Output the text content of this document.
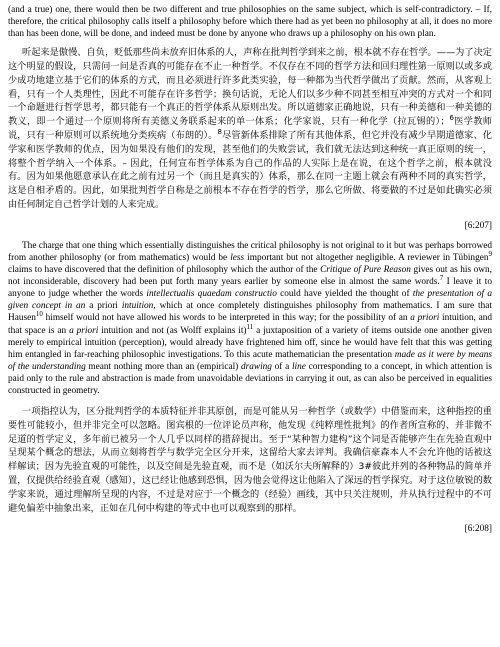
(and a true) one, there would then be two different and true philosophies on the same subject, which is self-contradictory. – If, therefore, the critical philosophy calls itself a philosophy before which there had as yet been no philosophy at all, it does no more than has been done, will be done, and indeed must be done by anyone who draws up a philosophy on his own plan.

听起来是傲慢、自负，贬低那些尚未放弃旧体系的人，声称在批判哲学到来之前，根本就不存在哲学。——为了决定这个明显的假设，只需问一问是否真的可能存在不止一种哲学。不仅存在不同的哲学方法和回归理性第一原则以或多或少成功地建立基于它们的体系的方式，而且必须进行许多此类实验，每一种都为当代哲学做出了贡献。然而，从客观上看，只有一个人类理性，因此不可能存在许多哲学；换句话说，无论人们以多少种不同甚至相互冲突的方式对一个和同一个命题进行哲学思考，都只能有一个真正的哲学体系从原则出发。所以道德家正确地说，只有一种美德和一种美德的教义，即一个通过一个原则将所有美德义务联系起来的单一体系；化学家说，只有一种化学（拉瓦锡的）；$^6$医学教师说，只有一种原则可以系统地分类疾病（布朗的）。$^8$尽管新体系排除了所有其他体系，但它并没有减少早期道德家、化学家和医学教师的优点，因为如果没有他们的发现，甚至他们的失败尝试，我们就无法达到这种统一真正原则的统一，将整个哲学纳入一个体系。– 因此，任何宣布哲学体系为自己的作品的人实际上是在说，在这个哲学之前，根本就没有。因为如果他愿意承认在此之前有过另一个（而且是真实的）体系，那么在同一主题上就会有两种不同的真实哲学，这是自相矛盾的。因此，如果批判哲学自称是之前根本不存在哲学的哲学，那么它所做、将要做的不过是如此确实必须由任何制定自己哲学计划的人来完成。

[6:207]

The charge that one thing which essentially distinguishes the critical philosophy is not original to it but was perhaps borrowed from another philosophy (or from mathematics) would be less important but not altogether negligible. A reviewer in Tübingen$^9$ claims to have discovered that the definition of philosophy which the author of the Critique of Pure Reason gives out as his own, not inconsiderable, discovery had been put forth many years earlier by someone else in almost the same words.$^7$ I leave it to anyone to judge whether the words intellectualis quaedam constructio could have yielded the thought of the presentation of a given concept in an a priori intuition, which at once completely distinguishes philosophy from mathematics. I am sure that Hausen$^{10}$ himself would not have allowed his words to be interpreted in this way; for the possibility of an a priori intuition, and that space is an a priori intuition and not (as Wolff explains it)$^{11}$ a juxtaposition of a variety of items outside one another given merely to empirical intuition (perception), would already have frightened him off, since he would have felt that this was getting him entangled in far-reaching philosophic investigations. To this acute mathematician the presentation made as it were by means of the understanding meant nothing more than an (empirical) drawing of a line corresponding to a concept, in which attention is paid only to the rule and abstraction is made from unavoidable deviations in carrying it out, as can also be perceived in equalities constructed in geometry.

一项指控认为，区分批判哲学的本质特征并非其原创，而是可能从另一种哲学（或数学）中借鉴而来，这种指控的重要性可能较小，但并非完全可以忽略。图宾根的一位评论员声称，他发现《纯粹理性批判》的作者所宣称的、并非微不足道的哲学定义，多年前已被另一个人几乎以同样的措辞提出。至于“某种智力建构”这个词是否能够产生在先验直观中呈现某个概念的想法，从而立刻将哲学与数学完全区分开来，这留给大家去评判。我确信豪森本人不会允许他的话被这样解读；因为先验直观的可能性，以及空间是先验直观，而不是（如沃尔夫所解释的）3#彼此并列的各种物品的简单并置，仅提供给经验直观（感知），这已经让他感到恐惧，因为他会觉得这让他陷入了深远的哲学探究。对于这位敏锐的数学家来说，通过理解所呈现的内容，不过是对应于一个概念的（经验）画线，其中只关注规则，并从执行过程中的不可避免偏差中抽象出来，正如在几何中构建的等式中也可以观察到的那样。

[6:208]
